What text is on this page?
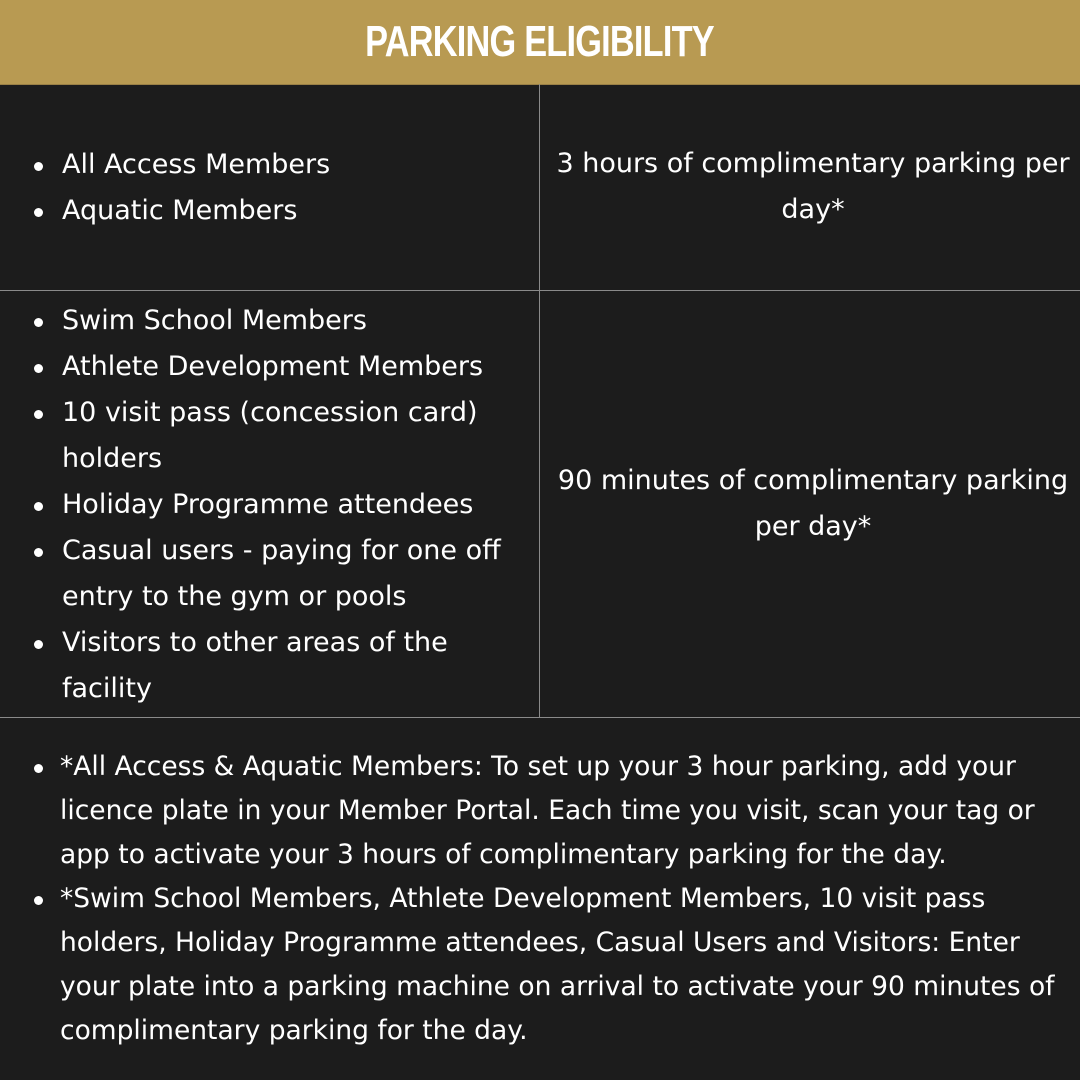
PARKING ELIGIBILITY
All Access Members
Aquatic Members
3 hours of complimentary parking per day*
Swim School Members
Athlete Development Members
10 visit pass (concession card) holders
Holiday Programme attendees
Casual users - paying for one off entry to the gym or pools
Visitors to other areas of the facility
90 minutes of complimentary parking per day*
*All Access & Aquatic Members: To set up your 3 hour parking, add your licence plate in your Member Portal. Each time you visit, scan your tag or app to activate your 3 hours of complimentary parking for the day.
*Swim School Members, Athlete Development Members, 10 visit pass holders, Holiday Programme attendees, Casual Users and Visitors: Enter your plate into a parking machine on arrival to activate your 90 minutes of complimentary parking for the day.
